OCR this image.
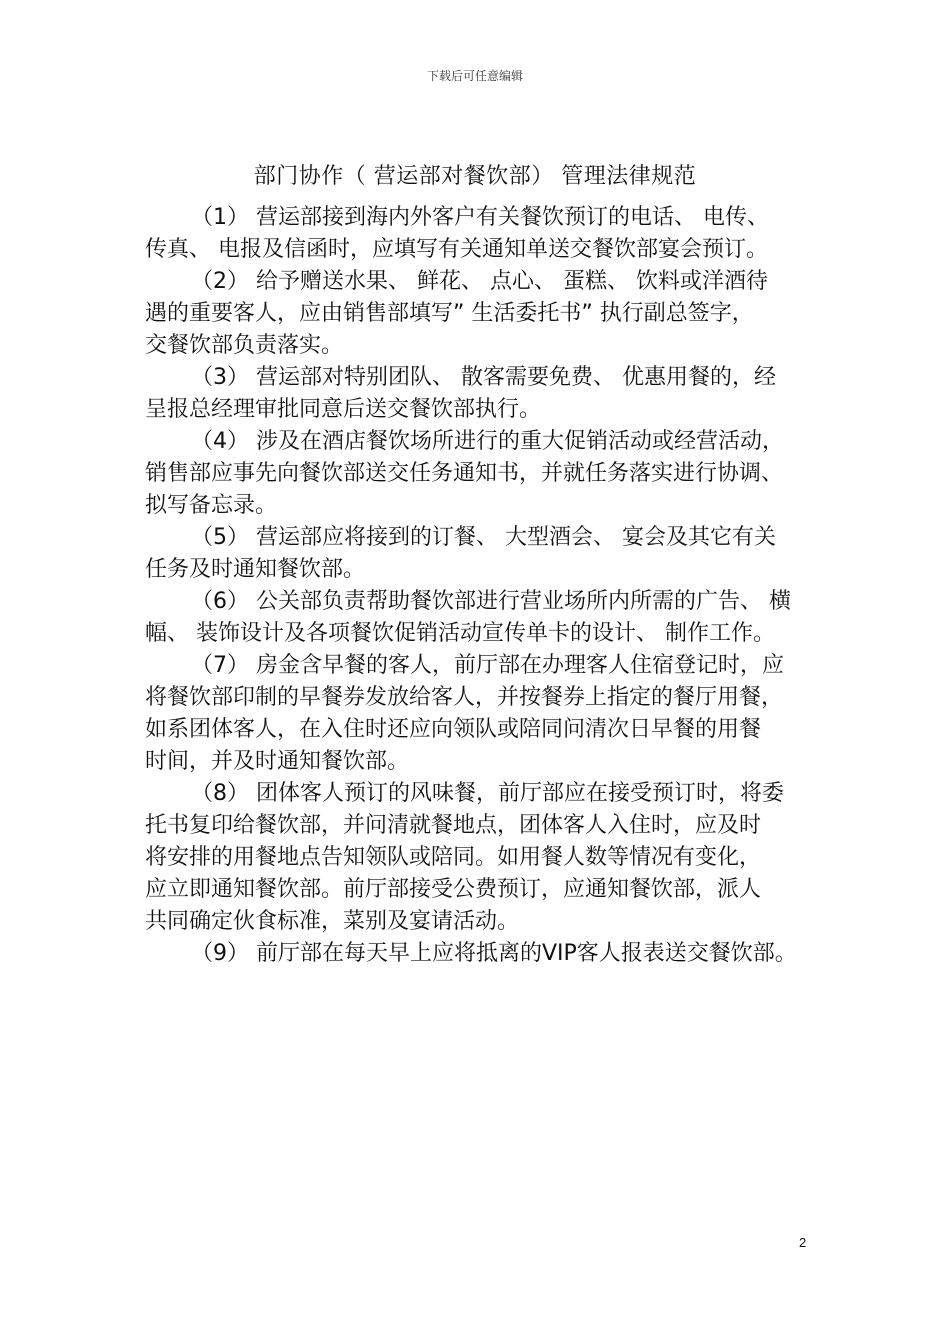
下载后可任意编辑
部门协作（ 营运部对餐饮部） 管理法律规范
（1） 营运部接到海内外客户有关餐饮预订的电话、 电传、
传真、 电报及信函时，应填写有关通知单送交餐饮部宴会预订。
（2） 给予赠送水果、 鲜花、 点心、 蛋糕、 饮料或洋酒待
遇的重要客人，应由销售部填写” 生活委托书” 执行副总签字，
交餐饮部负责落实。
（3） 营运部对特别团队、 散客需要免费、 优惠用餐的，经
呈报总经理审批同意后送交餐饮部执行。
（4） 涉及在酒店餐饮场所进行的重大促销活动或经营活动，
销售部应事先向餐饮部送交任务通知书，并就任务落实进行协调、
拟写备忘录。
（5） 营运部应将接到的订餐、 大型酒会、 宴会及其它有关
任务及时通知餐饮部。
（6） 公关部负责帮助餐饮部进行营业场所内所需的广告、 横
幅、 装饰设计及各项餐饮促销活动宣传单卡的设计、 制作工作。
（7） 房金含早餐的客人，前厅部在办理客人住宿登记时，应
将餐饮部印制的早餐券发放给客人，并按餐券上指定的餐厅用餐，
如系团体客人，在入住时还应向领队或陪同问清次日早餐的用餐
时间，并及时通知餐饮部。
（8） 团体客人预订的风味餐，前厅部应在接受预订时，将委
托书复印给餐饮部，并问清就餐地点，团体客人入住时，应及时
将安排的用餐地点告知领队或陪同。如用餐人数等情况有变化，
应立即通知餐饮部。前厅部接受公费预订，应通知餐饮部，派人
共同确定伙食标准，菜别及宴请活动。
（9） 前厅部在每天早上应将抵离的VIP客人报表送交餐饮部。
2
